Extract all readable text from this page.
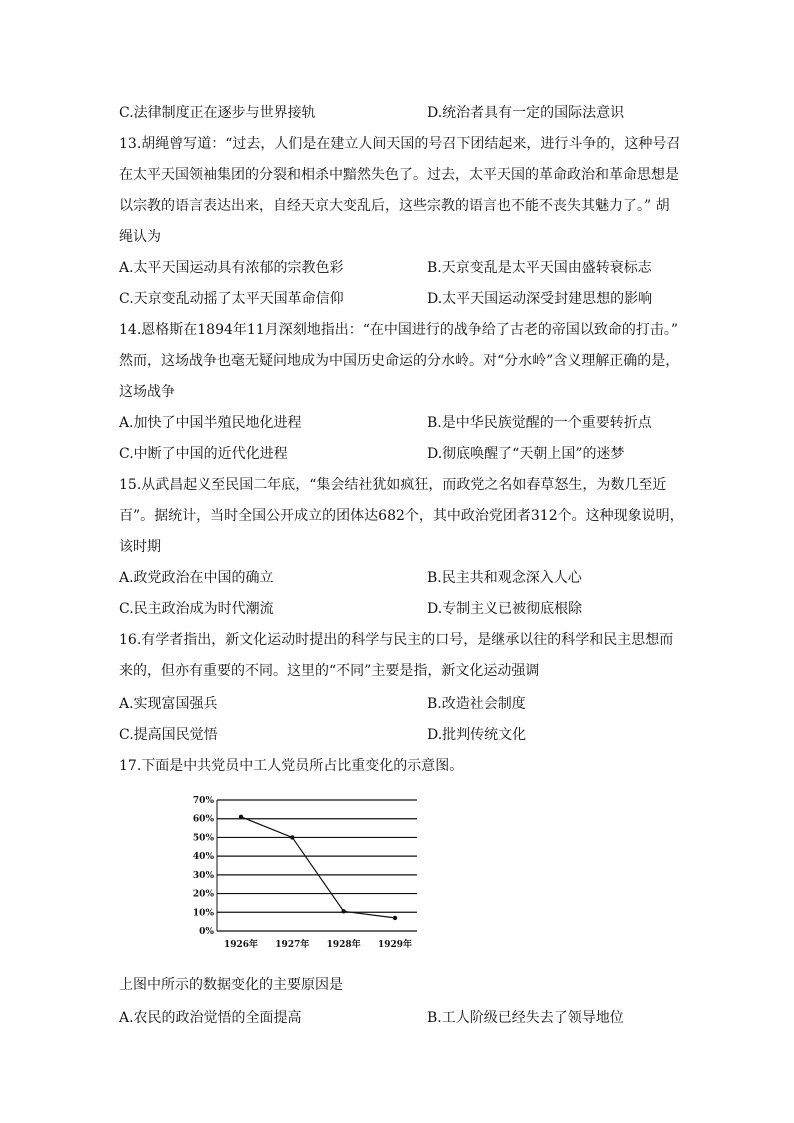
C.法律制度正在逐步与世界接轨	D.统治者具有一定的国际法意识
13.胡绳曾写道：“过去，人们是在建立人间天国的号召下团结起来，进行斗争的，这种号召
在太平天国领袖集团的分裂和相杀中黯然失色了。过去，太平天国的革命政治和革命思想是
以宗教的语言表达出来，自经天京大变乱后，这些宗教的语言也不能不丧失其魅力了。” 胡
绳认为
A.太平天国运动具有浓郁的宗教色彩	B.天京变乱是太平天国由盛转衰标志
C.天京变乱动摇了太平天国革命信仰	D.太平天国运动深受封建思想的影响
14.恩格斯在1894年11月深刻地指出：“在中国进行的战争给了古老的帝国以致命的打击。”
然而，这场战争也毫无疑问地成为中国历史命运的分水岭。对“分水岭”含义理解正确的是，
这场战争
A.加快了中国半殖民地化进程	B.是中华民族觉醒的一个重要转折点
C.中断了中国的近代化进程	D.彻底唤醒了“天朝上国”的迷梦
15.从武昌起义至民国二年底，“集会结社犹如疯狂，而政党之名如春草怒生，为数几至近
百”。据统计，当时全国公开成立的团体达682个，其中政治党团者312个。这种现象说明，
该时期
A.政党政治在中国的确立	B.民主共和观念深入人心
C.民主政治成为时代潮流	D.专制主义已被彻底根除
16.有学者指出，新文化运动时提出的科学与民主的口号，是继承以往的科学和民主思想而
来的，但亦有重要的不同。这里的“不同”主要是指，新文化运动强调
A.实现富国强兵	B.改造社会制度
C.提高国民觉悟	D.批判传统文化
17.下面是中共党员中工人党员所占比重变化的示意图。
0%
10%
20%
30%
40%
50%
60%
70%
1926年 1927年 1928年 1929年
上图中所示的数据变化的主要原因是
A.农民的政治觉悟的全面提高	B.工人阶级已经失去了领导地位
